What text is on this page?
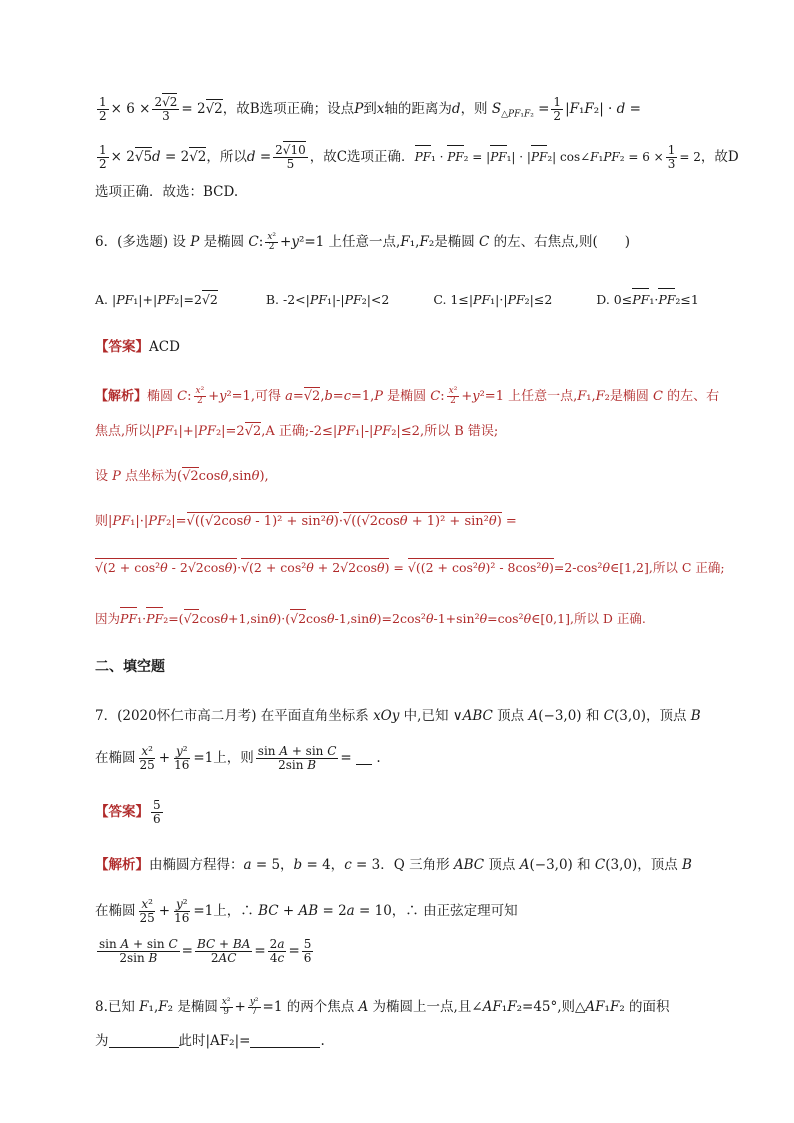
$\frac{1}{2} \times 6 \times \frac{2√2}{3} = 2√2$，故B选项正确；设点P到x轴的距离为d，则 $S_{\triangle PF_1F_2} = \frac{1}{2} |F_1F_2| \cdot d$ =
$\frac{1}{2} \times 2√5d = 2√2$，所以$d = \frac{2√10}{5}$ ，故C选项正确．PF₁ · PF₂ = |PF₁| · |PF₂| cos∠F₁PF₂ = $6 \times \frac{1}{3} = 2$，故D
选项正确．故选：BCD.
6．(多选题) 设 P 是椭圆 C: $\frac{\text{x²}}{2} +y^2=1$ 上任意一点,F₁,F₂是椭圆 C 的左、右焦点,则(　　)
A. |PF₁|+|PF₂|=2√2	B. -2<|PF₁|-|PF₂|<2	C. 1≤|PF₁|·|PF₂|≤2	D. 0≤PF₁·PF₂≤1
【答案】ACD
【解析】椭圆 C: $\frac{\text{x²}}{2} +y^2=1$,可得 a=√2,b=c=1,P 是椭圆 C: $\frac{\text{x²}}{2} +y^2=1$ 上任意一点,F₁,F₂是椭圆 C 的左、右
焦点,所以|PF₁|+|PF₂|=2√2,A 正确;-2≤|PF₁|-|PF₂|≤2,所以 B 错误;
设 P 点坐标为(√2cosθ,sinθ),
则|PF₁|·|PF₂|=√((√2cosθ - 1)² + sin²θ)·√((√2cosθ + 1)² + sin²θ) =
√(2 + cos²θ - 2√2cosθ)·√(2 + cos²θ + 2√2cosθ) = √((2 + cos²θ)² - 8cos²θ)=2-cos²θ∈[1,2],所以 C 正确;
因为PF₁·PF₂=(√2cosθ+1,sinθ)·(√2cosθ-1,sinθ)=2cos²θ-1+sin²θ=cos²θ∈[0,1],所以 D 正确.
二、填空题
7．(2020怀仁市高二月考) 在平面直角坐标系 xOy 中,已知 ∨ABC 顶点 A(−3,0) 和 C(3,0)，顶点 B
在椭圆 $\frac{\text{x²}}{25} + \frac{\text{y²}}{16} =1$上，则 $\frac{\text{sin A + sin C}}{\text{2sin B}}$ =  .
【答案】 $\frac{5}{6}$
【解析】由椭圆方程得：a = 5，b = 4，c = 3．Q 三角形 ABC 顶点 A(−3,0) 和 C(3,0)，顶点 B
在椭圆 $\frac{\text{x²}}{25} + \frac{\text{y²}}{16} =1$上，∴ BC + AB = 2a = 10，∴ 由正弦定理可知
$\frac{\text{sin A + sin C}}{\text{2sin B}} = \frac{BC + BA}{2AC} = \frac{2a}{4c} = \frac{5}{6}$
8.已知 F₁,F₂ 是椭圆 $\frac{\text{x²}}{9} + \frac{\text{y²}}{7} =1$ 的两个焦点 A 为椭圆上一点,且∠AF₁F₂=45°,则△AF₁F₂ 的面积
为	此时|AF₂|=	.
